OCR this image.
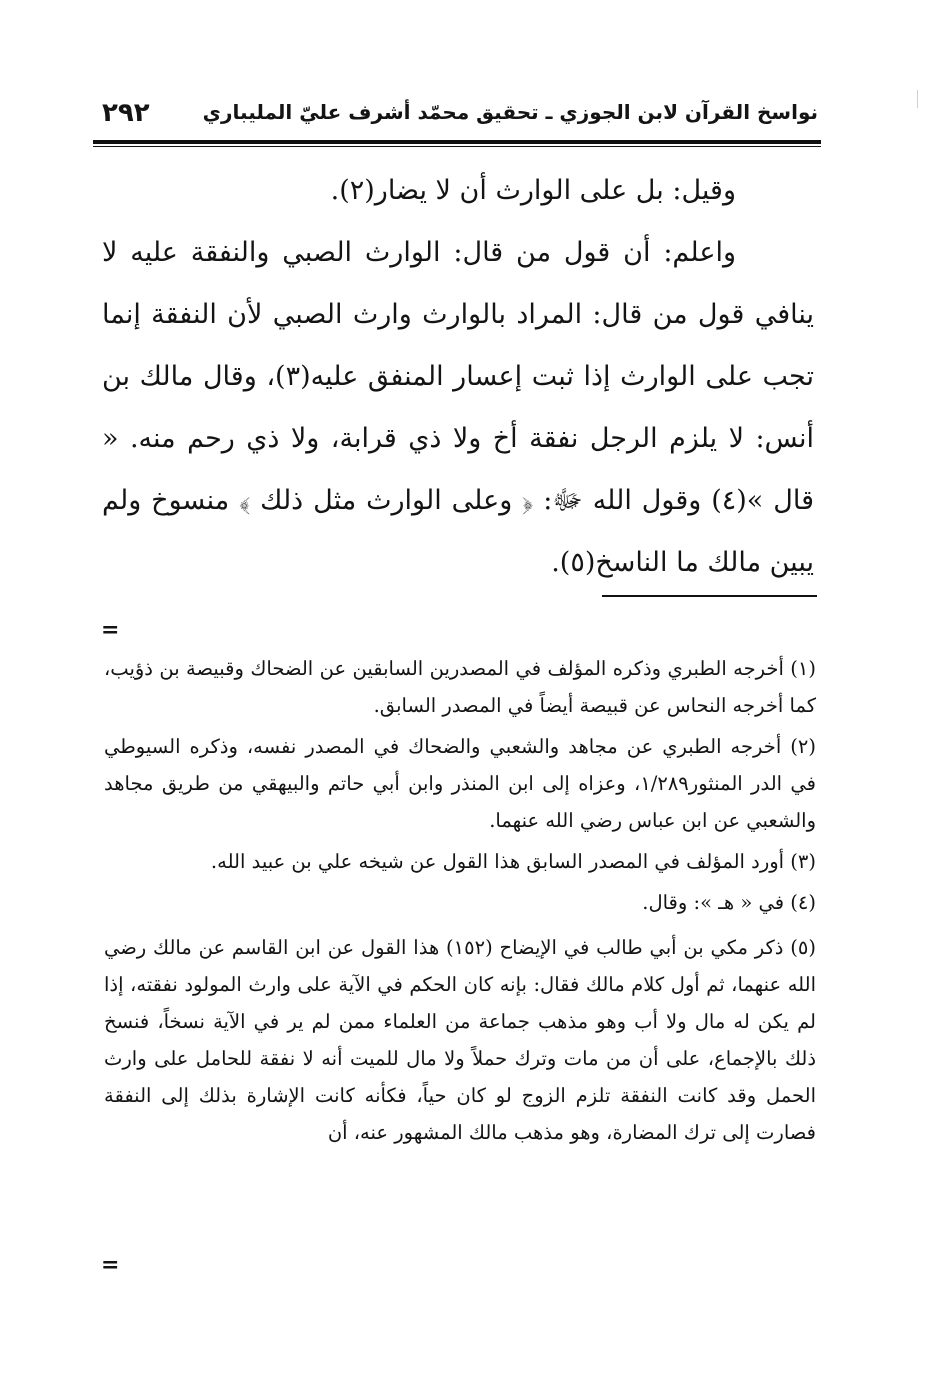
٢٩٢	نواسخ القرآن لابن الجوزي ـ تحقيق محمّد أشرف عليّ المليباري

وقيل: بل على الوارث أن لا يضار(٢).

واعلم: أن قول من قال: الوارث الصبي والنفقة عليه لا ينافي قول من قال: المراد بالوارث وارث الصبي لأن النفقة إنما تجب على الوارث إذا ثبت إعسار المنفق عليه(٣)، وقال مالك بن أنس: لا يلزم الرجل نفقة أخ ولا ذي قرابة، ولا ذي رحم منه. « قال »(٤) وقول الله ﷻ: ﴿ وعلى الوارث مثل ذلك ﴾ منسوخ ولم يبين مالك ما الناسخ(٥).

=

(١) أخرجه الطبري وذكره المؤلف في المصدرين السابقين عن الضحاك وقبيصة بن ذؤيب، كما أخرجه النحاس عن قبيصة أيضاً في المصدر السابق.

(٢) أخرجه الطبري عن مجاهد والشعبي والضحاك في المصدر نفسه، وذكره السيوطي في الدر المنثور١/٢٨٩، وعزاه إلى ابن المنذر وابن أبي حاتم والبيهقي من طريق مجاهد والشعبي عن ابن عباس رضي الله عنهما.

(٣) أورد المؤلف في المصدر السابق هذا القول عن شيخه علي بن عبيد الله.

(٤) في « هـ »: وقال.

(٥) ذكر مكي بن أبي طالب في الإيضاح (١٥٢) هذا القول عن ابن القاسم عن مالك رضي الله عنهما، ثم أول كلام مالك فقال: بإنه كان الحكم في الآية على وارث المولود نفقته، إذا لم يكن له مال ولا أب وهو مذهب جماعة من العلماء ممن لم ير في الآية نسخاً، فنسخ ذلك بالإجماع، على أن من مات وترك حملاً ولا مال للميت أنه لا نفقة للحامل على وارث الحمل وقد كانت النفقة تلزم الزوج لو كان حياً، فكأنه كانت الإشارة بذلك إلى النفقة فصارت إلى ترك المضارة، وهو مذهب مالك المشهور عنه، أن

=
